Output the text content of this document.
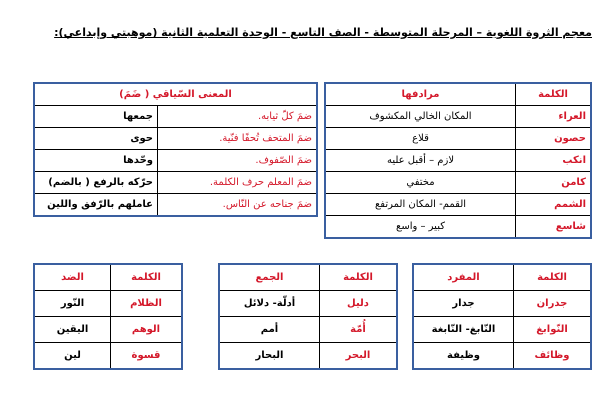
معجم الثروة اللغوية – المرحلة المتوسطة - الصف التاسع - الوحدة التعلمية الثانية (موهبتي وإبداعي):
الكلمة	مرادفها
العراء	المكان الخالي المكشوف
حصون	قلاع
انكب	لازم – أقبل عليه
كامن	مختفي
الشمم	القمم- المكان المرتفع
شاسع	كبير – واسع
المعنى السّياقي ( ضَمَ)	
ضمَ كلّ ثيابه.	جمعها
ضمَ المتحف تُحفًا فنّية.	حوى
ضمَ الصّفوف.	وحّدها
ضمَ المعلم حرف الكلمة.	حرّكه بالرفع ( بالضم)
ضمَ جناحه عن النّاس.	عاملهم بالرّفق واللين
الكلمة	المفرد
جدران	جدار
النّوابغ	النّابغ- النّابغة
وظائف	وظيفة
الكلمة	الجمع
دليل	أدلّة- دلائل
أُمّة	أمم
البحر	البحار
الكلمة	الضد
الظلام	النّور
الوهم	اليقين
قسوة	لين
